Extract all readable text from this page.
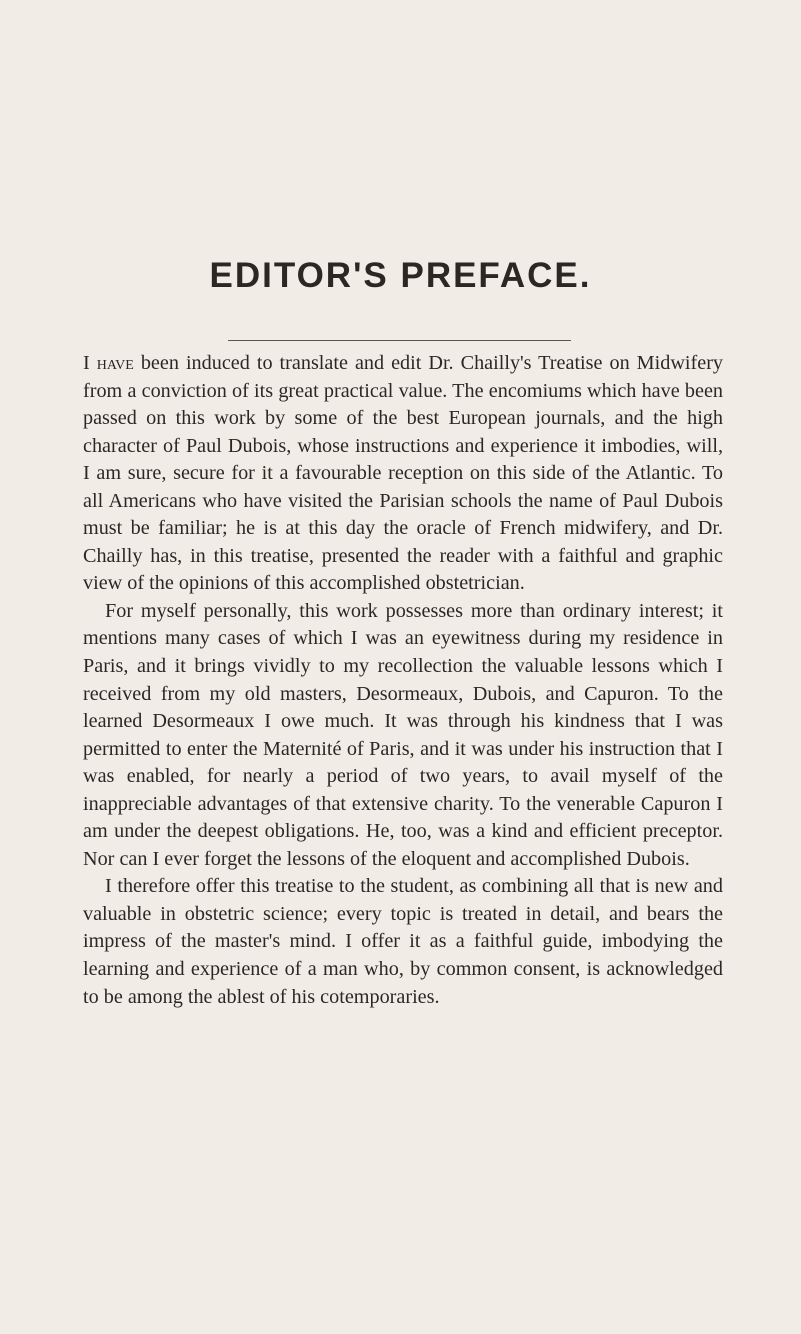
EDITOR'S PREFACE.

I have been induced to translate and edit Dr. Chailly's Treatise on Midwifery from a conviction of its great practical value. The encomiums which have been passed on this work by some of the best European journals, and the high character of Paul Dubois, whose instructions and experience it imbodies, will, I am sure, secure for it a favourable reception on this side of the Atlantic. To all Americans who have visited the Parisian schools the name of Paul Dubois must be familiar; he is at this day the oracle of French midwifery, and Dr. Chailly has, in this treatise, presented the reader with a faithful and graphic view of the opinions of this accomplished obstetrician.

For myself personally, this work possesses more than ordinary interest; it mentions many cases of which I was an eyewitness during my residence in Paris, and it brings vividly to my recollection the valuable lessons which I received from my old masters, Desormeaux, Dubois, and Capuron. To the learned Desormeaux I owe much. It was through his kindness that I was permitted to enter the Maternité of Paris, and it was under his instruction that I was enabled, for nearly a period of two years, to avail myself of the inappreciable advantages of that extensive charity. To the venerable Capuron I am under the deepest obligations. He, too, was a kind and efficient preceptor. Nor can I ever forget the lessons of the eloquent and accomplished Dubois.

I therefore offer this treatise to the student, as combining all that is new and valuable in obstetric science; every topic is treated in detail, and bears the impress of the master's mind. I offer it as a faithful guide, imbodying the learning and experience of a man who, by common consent, is acknowledged to be among the ablest of his cotemporaries.
